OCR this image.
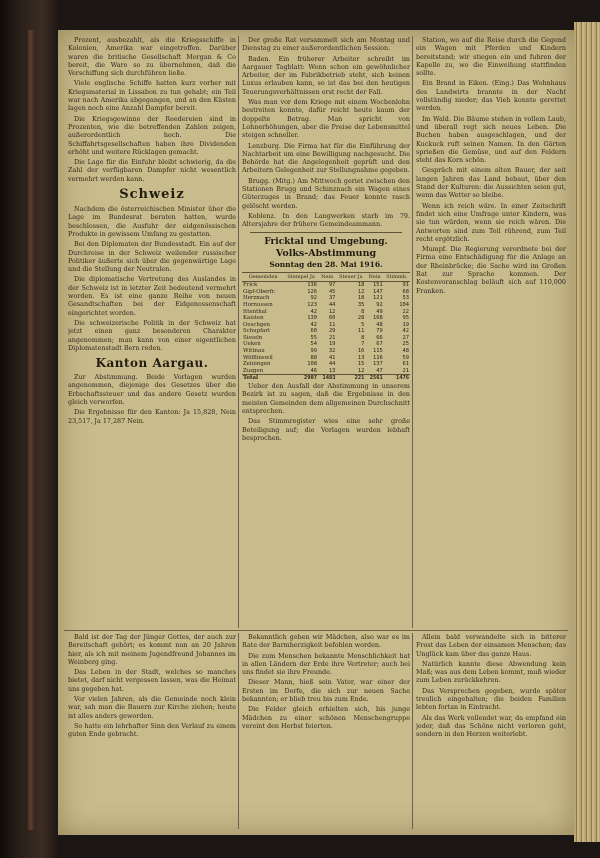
Prozent, ausbezahlt, als die Kriegsschiffe in Kolonien, Amerika war eingetroffen. Darüber waren die britische Gesellschaft Morgan & Co bereit, die Ware so zu übernehmen, daß die Verschiffung sich durchführen ließe.

Viele englische Schiffe hatten kurz vorher mit Kriegsmaterial in Lissabon zu tun gehabt; ein Teil war nach Amerika abgegangen, und an den Küsten lagen noch eine Anzahl Dampfer bereit.

Die Kriegsgewinne der Reedereien sind in Prozenten, wie die betreffenden Zahlen zeigen, außerordentlich hoch. Die Schiffahrtsgesellschaften haben ihre Dividenden erhöht und weitere Rücklagen gemacht.

Die Lage für die Einfuhr bleibt schwierig, da die Zahl der verfügbaren Dampfer nicht wesentlich vermehrt werden kann.

Schweiz

Nachdem die österreichischen Minister über die Lage im Bundesrat beraten hatten, wurde beschlossen, die Ausfuhr der eidgenössischen Produkte in gewissem Umfang zu gestatten.

Bei den Diplomaten der Bundesstadt. Ein auf der Durchreise in der Schweiz weilender russischer Politiker äußerte sich über die gegenwärtige Lage und die Stellung der Neutralen.

Die diplomatische Vertretung des Auslandes in der Schweiz ist in letzter Zeit bedeutend vermehrt worden. Es ist eine ganze Reihe von neuen Gesandtschaften bei der Eidgenossenschaft eingerichtet worden.

Die schweizerische Politik in der Schweiz hat jetzt einen ganz besonderen Charakter angenommen; man kann von einer eigentlichen Diplomatenstadt Bern reden.

Kanton Aargau.

Zur Abstimmung. Beide Vorlagen wurden angenommen, diejenige des Gesetzes über die Erbschaftssteuer und das andere Gesetz wurden gleich verworfen.

Die Ergebnisse für den Kanton: Ja 15,828, Nein 23,517, Ja 17,287 Nein.

Der große Rat versammelt sich am Montag und Dienstag zu einer außerordentlichen Session.

Baden. Ein früherer Arbeiter schreibt im Aargauer Tagblatt: Wenn schon ein gewöhnlicher Arbeiter, der im Fabrikbetrieb steht, sich keinen Luxus erlauben kann, so ist das bei den heutigen Teuerungsverhältnissen erst recht der Fall.

Was man vor dem Kriege mit einem Wochenlohn bestreiten konnte, dafür reicht heute kaum der doppelte Betrag. Man spricht von Lohnerhöhungen, aber die Preise der Lebensmittel steigen schneller.

Lenzburg. Die Firma hat für die Einführung der Nachtarbeit um eine Bewilligung nachgesucht. Die Behörde hat die Angelegenheit geprüft und den Arbeitern Gelegenheit zur Stellungnahme gegeben.

Brugg. (Mitg.) Am Mittwoch geriet zwischen den Stationen Brugg und Schinznach ein Wagen eines Güterzuges in Brand; das Feuer konnte rasch gelöscht werden.

Koblenz. In den Langwerken starb im 79. Altersjahre der frühere Gemeindeammann.

Fricktal und Umgebung.
Volks-Abstimmung
Sonntag den 28. Mai 1916.
Gemeinden	Stempel Ja	Nein	Steuer Ja	Nein	Stimmb.
Frick	136	97	18	151	91
Gipf-Oberfr.	126	45	12	147	68
Herznach	92	37	18	121	53
Hornussen	123	44	35	92	104
Ittenthal	42	12	8	49	22
Kaisten	130	60	28	168	95
Oeschgen	42	11	5	48	19
Schupfart	60	29	11	79	42
Sisseln	55	21	8	66	27
Ueken	54	19	7	67	25
Wittnau	99	32	16	115	48
Wölflinswil	88	41	13	116	59
Zeiningen	108	44	15	137	61
Zuzgen	46	13	12	47	21
Total	2907	1483	221	2561	1476

Ueber den Ausfall der Abstimmung in unserem Bezirk ist zu sagen, daß die Ergebnisse in den meisten Gemeinden dem allgemeinen Durchschnitt entsprechen.

Das Stimmregister wies eine sehr große Beteiligung auf; die Vorlagen wurden lebhaft besprochen.

Station, wo auf die Reise durch die Gegend ein Wagen mit Pferden und Kindern bereitstand; wir stiegen ein und fuhren der Kapelle zu, wo die Einweihung stattfinden sollte.

Ein Brand in Eiken. (Eing.) Das Wohnhaus des Landwirts brannte in der Nacht vollständig nieder; das Vieh konnte gerettet werden.

Im Wald. Die Bäume stehen in vollem Laub, und überall regt sich neues Leben. Die Buchen haben ausgeschlagen, und der Kuckuck ruft seinen Namen. In den Gärten sprießen die Gemüse, und auf den Feldern steht das Korn schön.

Gespräch mit einem alten Bauer, der seit langen Jahren das Land bebaut, über den Stand der Kulturen: die Aussichten seien gut, wenn das Wetter so bleibe.

Wenn ich reich wäre. In einer Zeitschrift findet sich eine Umfrage unter Kindern, was sie tun würden, wenn sie reich wären. Die Antworten sind zum Teil rührend, zum Teil recht ergötzlich.

Mumpf. Die Regierung verordnete bei der Firma eine Entschädigung für die Anlage an der Rheinbrücke; die Sache wird im Großen Rat zur Sprache kommen. Der Kostenvoranschlag beläuft sich auf 110,000 Franken.

Bald ist der Tag der Jünger Gottes, der auch zur Bereitschaft gehört; es kommt nun an 20 Jahren hier, als ich mit meinem Jugendfreund Johannes im Weinberg ging.

Das Leben in der Stadt, welches so manches bietet, darf nicht vergessen lassen, was die Heimat uns gegeben hat.

Vor vielen Jahren, als die Gemeinde noch klein war, sah man die Bauern zur Kirche ziehen; heute ist alles anders geworden.

So hatte ein lehrhafter Sinn den Verlauf zu einem guten Ende gebracht.

Bekanntlich geben wir Mädchen, also war es im Rate der Barmherzigkeit befohlen worden.

Die zum Menschen bekannte Menschlichkeit hat in allen Ländern der Erde ihre Vertreter; auch bei uns findet sie ihre Freunde.

Dieser Mann, hieß sein Vater, war einer der Ersten im Dorfe, die sich zur neuen Sache bekannten; er blieb treu bis zum Ende.

Die Felder gleich erhielten sich, bis junge Mädchen zu einer schönen Menschengruppe vereint den Herbst feierten.

Allein bald verwandelte sich in bitterer Frost das Leben der einsamen Menschen; das Unglück kam über das ganze Haus.

Natürlich kannte diese Abwendung kein Maß; was aus dem Leben kommt, muß wieder zum Leben zurückkehren.

Das Versprechen gegeben, wurde später treulich eingehalten; die beiden Familien lebten fortan in Eintracht.

Als das Werk vollendet war, da empfand ein jeder, daß das Schöne nicht verloren geht, sondern in den Herzen weiterlebt.
